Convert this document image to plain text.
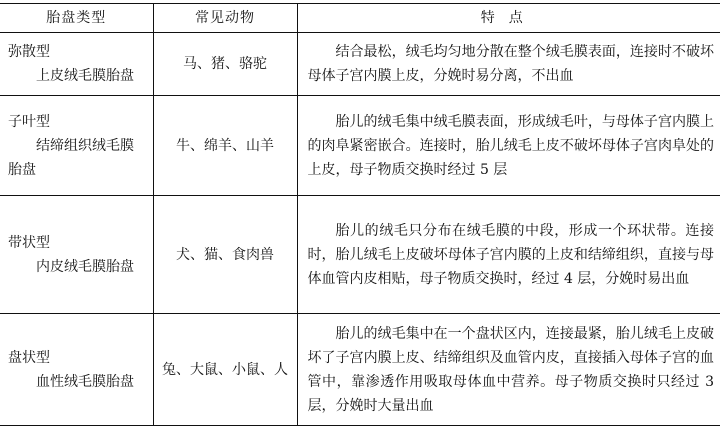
胎盘类型	常见动物	特点

弥散型
上皮绒毛膜胎盘	马、猪、骆驼	结合最松，绒毛均匀地分散在整个绒毛膜表面，连接时不破坏母体子宫内膜上皮，分娩时易分离，不出血

子叶型
结缔组织绒毛膜
胎盘	牛、绵羊、山羊	胎儿的绒毛集中绒毛膜表面，形成绒毛叶，与母体子宫内膜上的肉阜紧密嵌合。连接时，胎儿绒毛上皮不破坏母体子宫肉阜处的上皮，母子物质交换时经过 5 层

带状型
内皮绒毛膜胎盘	犬、猫、食肉兽	胎儿的绒毛只分布在绒毛膜的中段，形成一个环状带。连接时，胎儿绒毛上皮破坏母体子宫内膜的上皮和结缔组织，直接与母体血管内皮相贴，母子物质交换时，经过 4 层，分娩时易出血

盘状型
血性绒毛膜胎盘	兔、大鼠、小鼠、人	胎儿的绒毛集中在一个盘状区内，连接最紧，胎儿绒毛上皮破坏了子宫内膜上皮、结缔组织及血管内皮，直接插入母体子宫的血管中，靠渗透作用吸取母体血中营养。母子物质交换时只经过 3 层，分娩时大量出血
